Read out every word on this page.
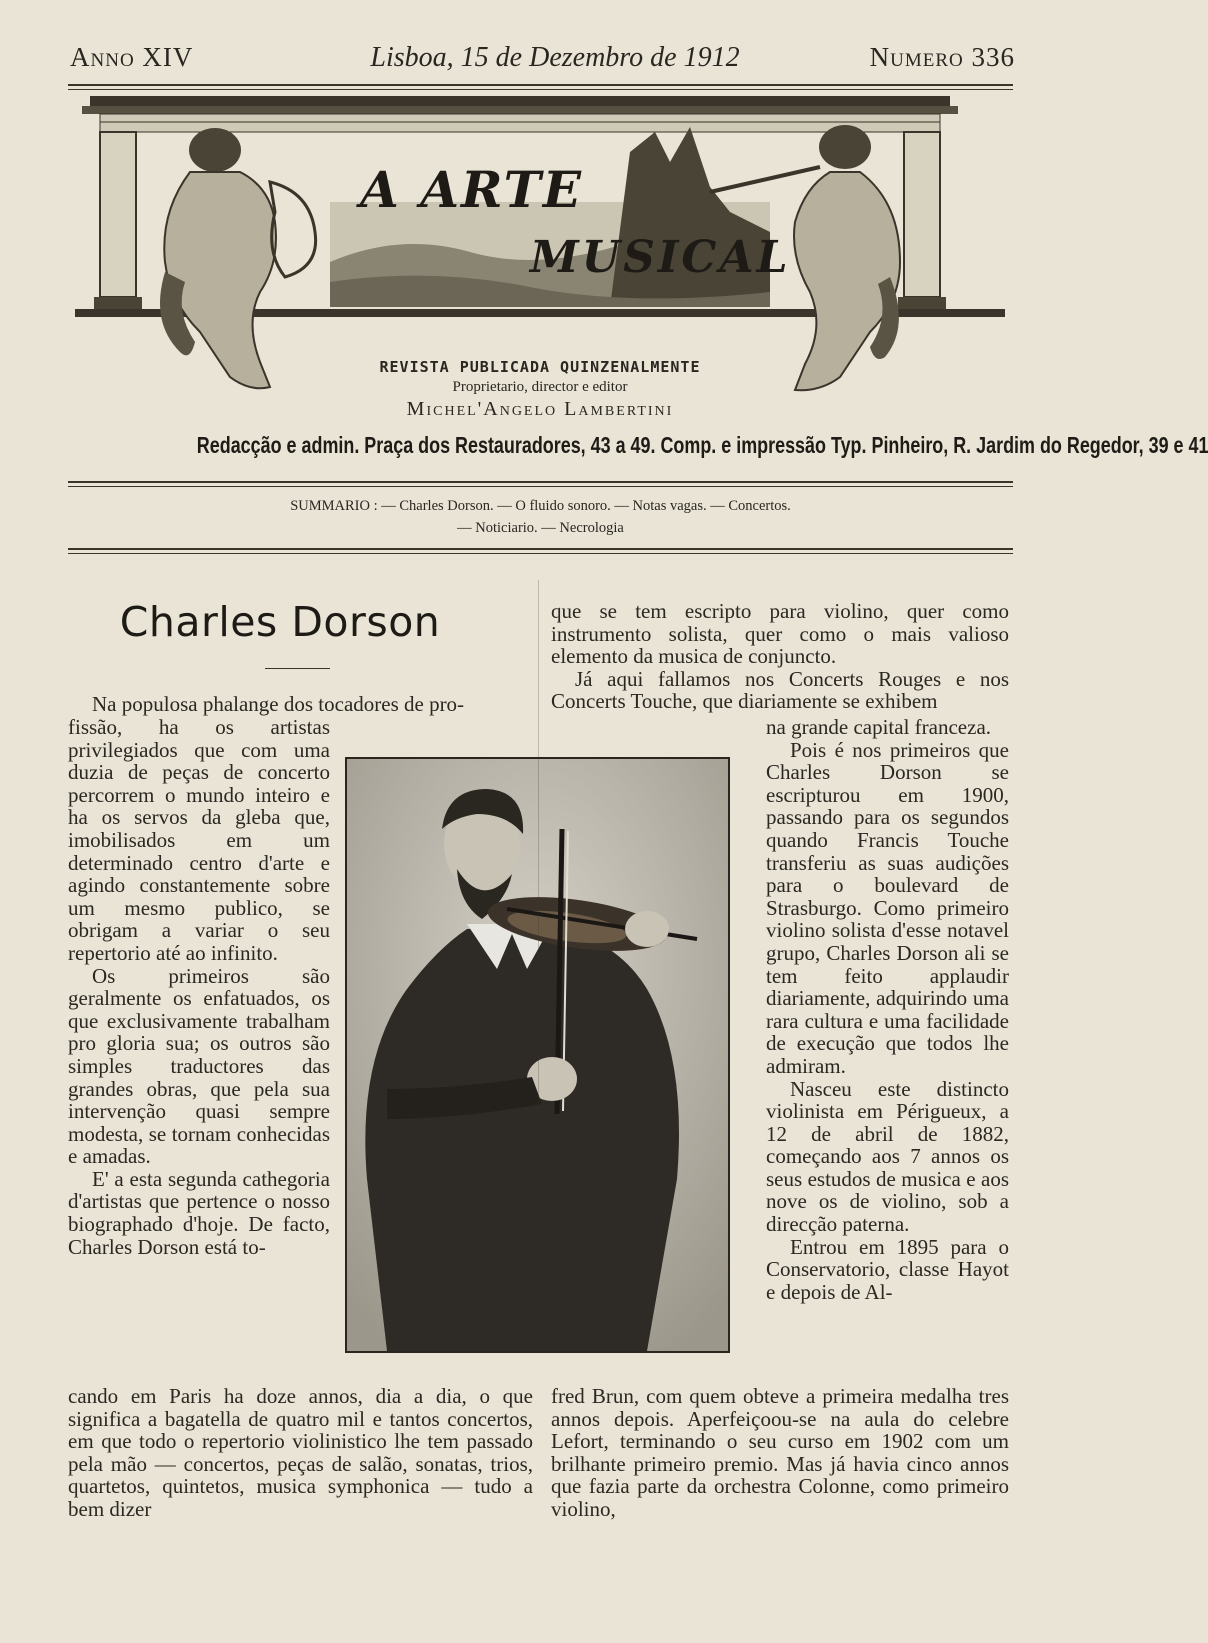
Anno XIV	Lisboa, 15 de Dezembro de 1912	Numero 336
A ARTE
MUSICAL
REVISTA PUBLICADA QUINZENALMENTE
Proprietario, director e editor
Michel'Angelo Lambertini
Redacção e admin. Praça dos Restauradores, 43 a 49. Comp. e impressão Typ. Pinheiro, R. Jardim do Regedor, 39 e 41
SUMMARIO : — Charles Dorson. — O fluido sonoro. — Notas vagas. — Concertos.
— Noticiario. — Necrologia
Charles Dorson

Na populosa phalange dos tocadores de pro-

fissão, ha os artistas privilegiados que com uma duzia de peças de concerto percorrem o mundo inteiro e ha os servos da gleba que, imobilisados em um determinado centro d'arte e agindo constantemente sobre um mesmo publico, se obrigam a variar o seu repertorio até ao infinito.

Os primeiros são geralmente os enfatuados, os que exclusivamente trabalham pro gloria sua; os outros são simples traductores das grandes obras, que pela sua intervenção quasi sempre modesta, se tornam conhecidas e amadas.

E' a esta segunda cathegoria d'artistas que pertence o nosso biographado d'hoje. De facto, Charles Dorson está to-

cando em Paris ha doze annos, dia a dia, o que significa a bagatella de quatro mil e tantos concertos, em que todo o repertorio violinistico lhe tem passado pela mão — concertos, peças de salão, sonatas, trios, quartetos, quintetos, musica symphonica — tudo a bem dizer

que se tem escripto para violino, quer como instrumento solista, quer como o mais valioso elemento da musica de conjuncto.

Já aqui fallamos nos Concerts Rouges e nos Concerts Touche, que diariamente se exhibem

na grande capital franceza.

Pois é nos primeiros que Charles Dorson se escripturou em 1900, passando para os segundos quando Francis Touche transferiu as suas audições para o boulevard de Strasburgo. Como primeiro violino solista d'esse notavel grupo, Charles Dorson ali se tem feito applaudir diariamente, adquirindo uma rara cultura e uma facilidade de execução que todos lhe admiram.

Nasceu este distincto violinista em Périgueux, a 12 de abril de 1882, começando aos 7 annos os seus estudos de musica e aos nove os de violino, sob a direcção paterna.

Entrou em 1895 para o Conservatorio, classe Hayot e depois de Al-

fred Brun, com quem obteve a primeira medalha tres annos depois. Aperfeiçoou-se na aula do celebre Lefort, terminando o seu curso em 1902 com um brilhante primeiro premio. Mas já havia cinco annos que fazia parte da orchestra Colonne, como primeiro violino,
